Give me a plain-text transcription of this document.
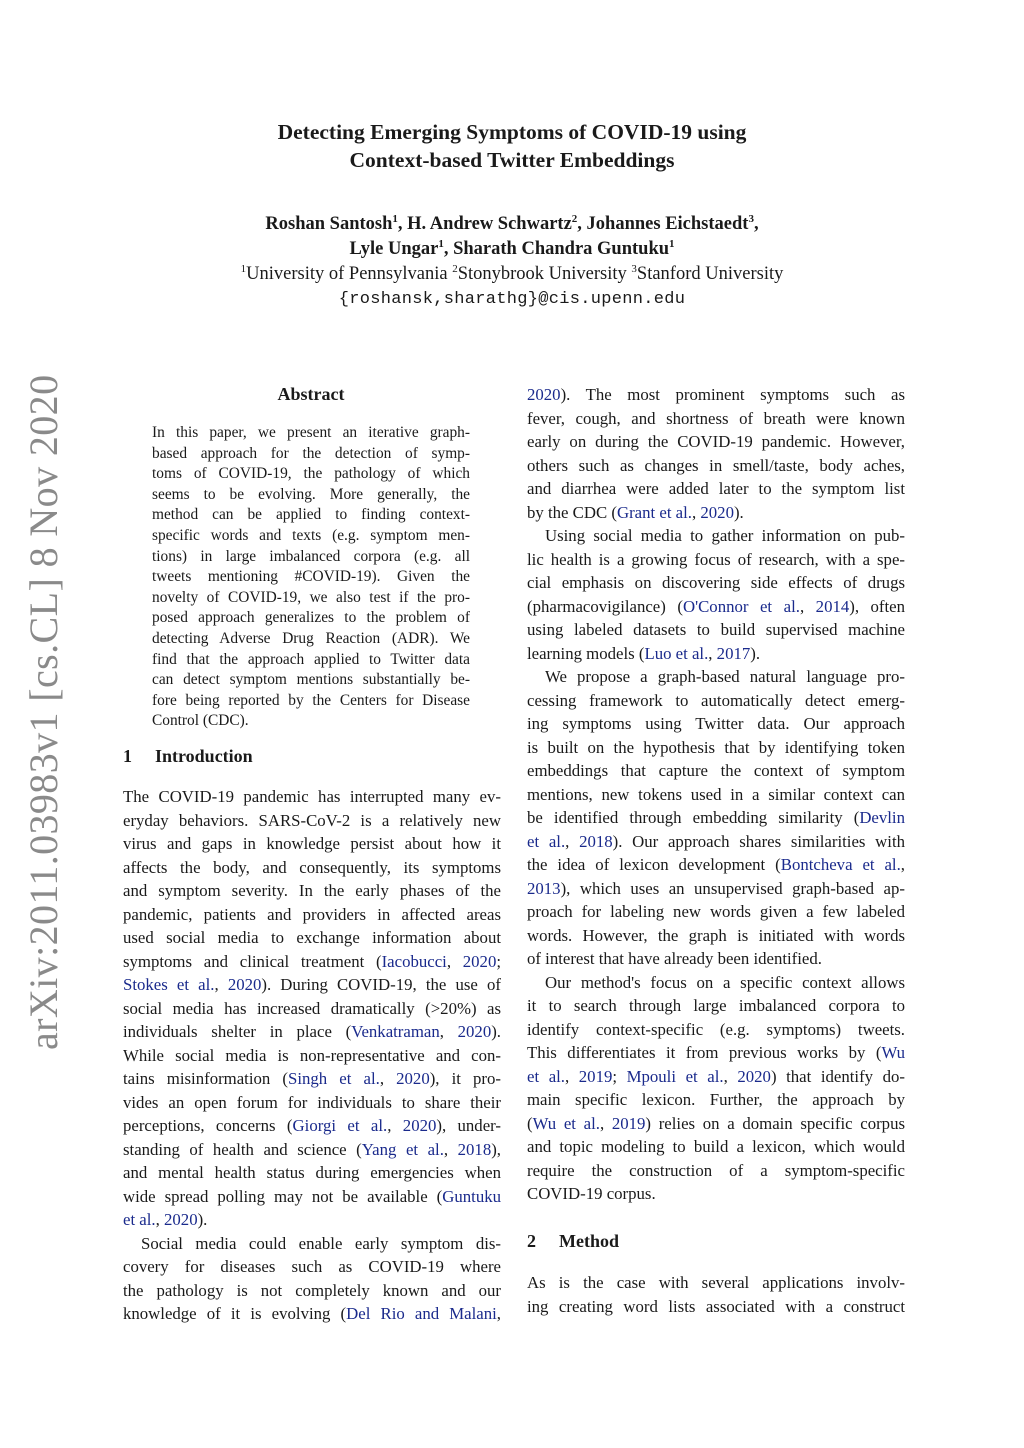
Detecting Emerging Symptoms of COVID-19 using
Context-based Twitter Embeddings
Roshan Santosh$^1$, H. Andrew Schwartz$^2$, Johannes Eichstaedt$^3$,
Lyle Ungar$^1$, Sharath Chandra Guntuku$^1$
$^1$University of Pennsylvania $^2$Stonybrook University $^3$Stanford University
{roshansk,sharathg}@cis.upenn.edu
arXiv:2011.03983v1 [cs.CL] 8 Nov 2020	Abstract
In this paper, we present an iterative graph-
based approach for the detection of symp-
toms of COVID-19, the pathology of which
seems to be evolving. More generally, the
method can be applied to finding context-
specific words and texts (e.g. symptom men-
tions) in large imbalanced corpora (e.g. all
tweets mentioning #COVID-19). Given the
novelty of COVID-19, we also test if the pro-
posed approach generalizes to the problem of
detecting Adverse Drug Reaction (ADR). We
find that the approach applied to Twitter data
can detect symptom mentions substantially be-
fore being reported by the Centers for Disease
Control (CDC).
1 Introduction
The COVID-19 pandemic has interrupted many ev-
eryday behaviors. SARS-CoV-2 is a relatively new
virus and gaps in knowledge persist about how it
affects the body, and consequently, its symptoms
and symptom severity. In the early phases of the
pandemic, patients and providers in affected areas
used social media to exchange information about
symptoms and clinical treatment (Iacobucci, 2020;
Stokes et al., 2020). During COVID-19, the use of
social media has increased dramatically (>20%) as
individuals shelter in place (Venkatraman, 2020).
While social media is non-representative and con-
tains misinformation (Singh et al., 2020), it pro-
vides an open forum for individuals to share their
perceptions, concerns (Giorgi et al., 2020), under-
standing of health and science (Yang et al., 2018),
and mental health status during emergencies when
wide spread polling may not be available (Guntuku
et al., 2020).
Social media could enable early symptom dis-
covery for diseases such as COVID-19 where
the pathology is not completely known and our
knowledge of it is evolving (Del Rio and Malani,
2020). The most prominent symptoms such as
fever, cough, and shortness of breath were known
early on during the COVID-19 pandemic. However,
others such as changes in smell/taste, body aches,
and diarrhea were added later to the symptom list
by the CDC (Grant et al., 2020).
Using social media to gather information on pub-
lic health is a growing focus of research, with a spe-
cial emphasis on discovering side effects of drugs
(pharmacovigilance) (O'Connor et al., 2014), often
using labeled datasets to build supervised machine
learning models (Luo et al., 2017).
We propose a graph-based natural language pro-
cessing framework to automatically detect emerg-
ing symptoms using Twitter data. Our approach
is built on the hypothesis that by identifying token
embeddings that capture the context of symptom
mentions, new tokens used in a similar context can
be identified through embedding similarity (Devlin
et al., 2018). Our approach shares similarities with
the idea of lexicon development (Bontcheva et al.,
2013), which uses an unsupervised graph-based ap-
proach for labeling new words given a few labeled
words. However, the graph is initiated with words
of interest that have already been identified.
Our method's focus on a specific context allows
it to search through large imbalanced corpora to
identify context-specific (e.g. symptoms) tweets.
This differentiates it from previous works by (Wu
et al., 2019; Mpouli et al., 2020) that identify do-
main specific lexicon. Further, the approach by
(Wu et al., 2019) relies on a domain specific corpus
and topic modeling to build a lexicon, which would
require the construction of a symptom-specific
COVID-19 corpus.
2 Method
As is the case with several applications involv-
ing creating word lists associated with a construct
